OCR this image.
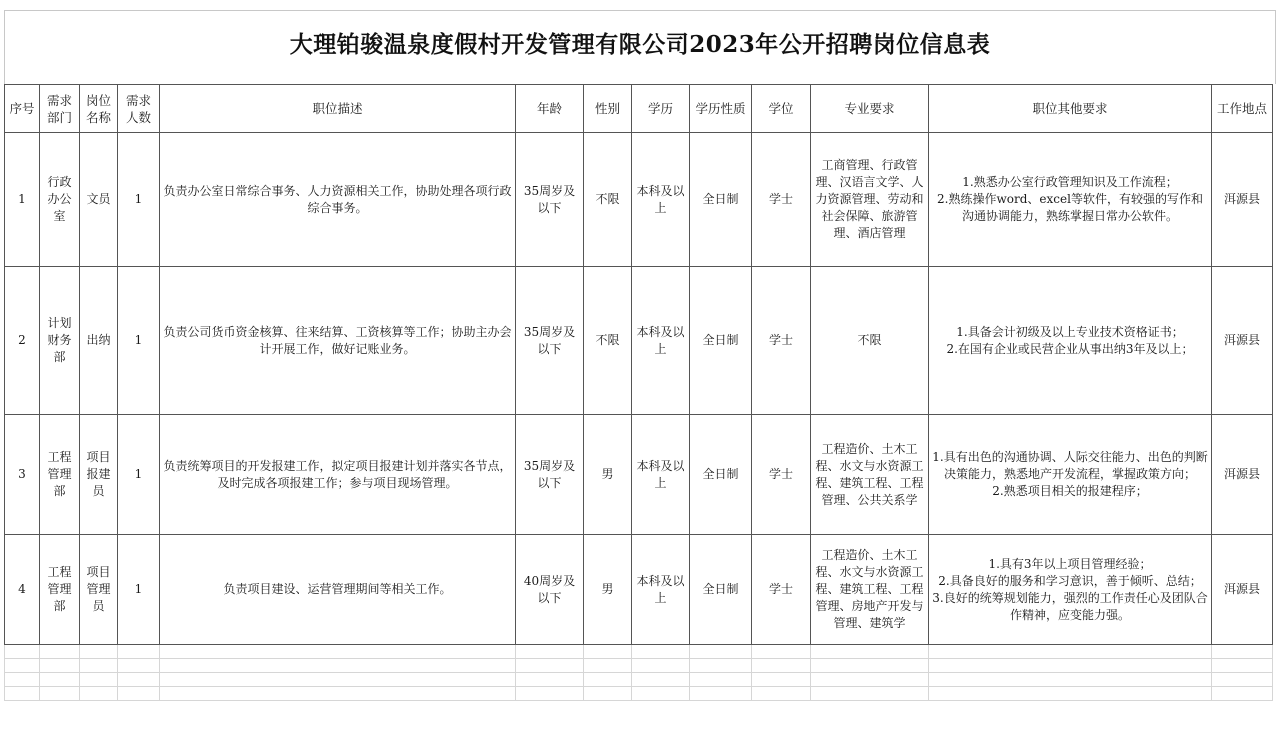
大理铂骏温泉度假村开发管理有限公司2023年公开招聘岗位信息表
序号	需求部门	岗位名称	需求人数	职位描述	年龄	性别	学历	学历性质	学位	专业要求	职位其他要求	工作地点
1	行政办公室	文员	1	负责办公室日常综合事务、人力资源相关工作，协助处理各项行政综合事务。	35周岁及以下	不限	本科及以上	全日制	学士	工商管理、行政管理、汉语言文学、人力资源管理、劳动和社会保障、旅游管理、酒店管理	1.熟悉办公室行政管理知识及工作流程；
2.熟练操作word、excel等软件，有较强的写作和沟通协调能力，熟练掌握日常办公软件。	洱源县
2	计划财务部	出纳	1	负责公司货币资金核算、往来结算、工资核算等工作；协助主办会计开展工作，做好记账业务。	35周岁及以下	不限	本科及以上	全日制	学士	不限	1.具备会计初级及以上专业技术资格证书；
2.在国有企业或民营企业从事出纳3年及以上；	洱源县
3	工程管理部	项目报建员	1	负责统筹项目的开发报建工作，拟定项目报建计划并落实各节点，及时完成各项报建工作；参与项目现场管理。	35周岁及以下	男	本科及以上	全日制	学士	工程造价、土木工程、水文与水资源工程、建筑工程、工程管理、公共关系学	1.具有出色的沟通协调、人际交往能力、出色的判断决策能力，熟悉地产开发流程，掌握政策方向；
2.熟悉项目相关的报建程序；	洱源县
4	工程管理部	项目管理员	1	负责项目建设、运营管理期间等相关工作。	40周岁及以下	男	本科及以上	全日制	学士	工程造价、土木工程、水文与水资源工程、建筑工程、工程管理、房地产开发与管理、建筑学	1.具有3年以上项目管理经验；
2.具备良好的服务和学习意识，善于倾听、总结；
3.良好的统筹规划能力，强烈的工作责任心及团队合作精神，应变能力强。	洱源县
